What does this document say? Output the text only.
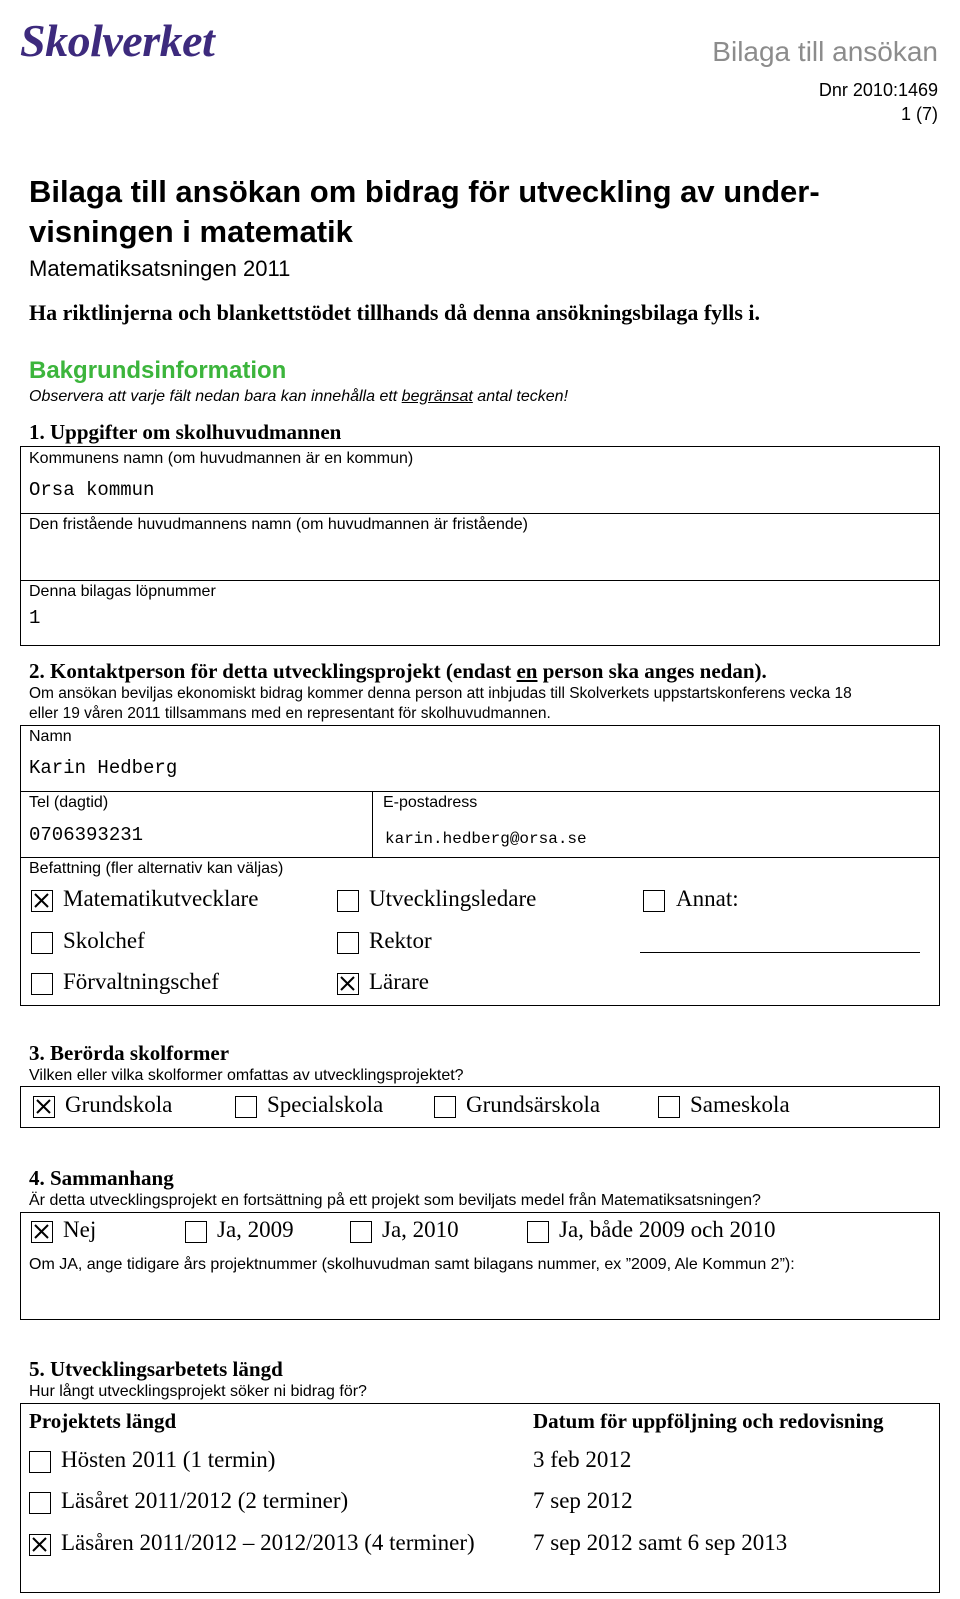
Skolverket	Bilaga till ansökan
Dnr 2010:1469
1 (7)
Bilaga till ansökan om bidrag för utveckling av under-
visningen i matematik
Matematiksatsningen 2011
Ha riktlinjerna och blankettstödet tillhands då denna ansökningsbilaga fylls i.
Bakgrundsinformation
Observera att varje fält nedan bara kan innehålla ett begränsat antal tecken!
1. Uppgifter om skolhuvudmannen
Kommunens namn (om huvudmannen är en kommun)
Orsa kommun
Den fristående huvudmannens namn (om huvudmannen är fristående)
Denna bilagas löpnummer
1
2. Kontaktperson för detta utvecklingsprojekt (endast en person ska anges nedan).
Om ansökan beviljas ekonomiskt bidrag kommer denna person att inbjudas till Skolverkets uppstartskonferens vecka 18
eller 19 våren 2011 tillsammans med en representant för skolhuvudmannen.
Namn
Karin Hedberg
Tel (dagtid)
0706393231
E-postadress
karin.hedberg@orsa.se
Befattning (fler alternativ kan väljas)
Matematikutvecklare	Utvecklingsledare	Annat:
Skolchef	Rektor
Förvaltningschef	Lärare
3. Berörda skolformer
Vilken eller vilka skolformer omfattas av utvecklingsprojektet?
Grundskola	Specialskola	Grundsärskola	Sameskola
4. Sammanhang
Är detta utvecklingsprojekt en fortsättning på ett projekt som beviljats medel från Matematiksatsningen?
Nej	Ja, 2009	Ja, 2010	Ja, både 2009 och 2010
Om JA, ange tidigare års projektnummer (skolhuvudman samt bilagans nummer, ex ”2009, Ale Kommun 2”):
5. Utvecklingsarbetets längd
Hur långt utvecklingsprojekt söker ni bidrag för?
Projektets längd	Datum för uppföljning och redovisning
Hösten 2011 (1 termin)	3 feb 2012
Läsåret 2011/2012 (2 terminer)	7 sep 2012
Läsåren 2011/2012 – 2012/2013 (4 terminer)	7 sep 2012 samt 6 sep 2013
